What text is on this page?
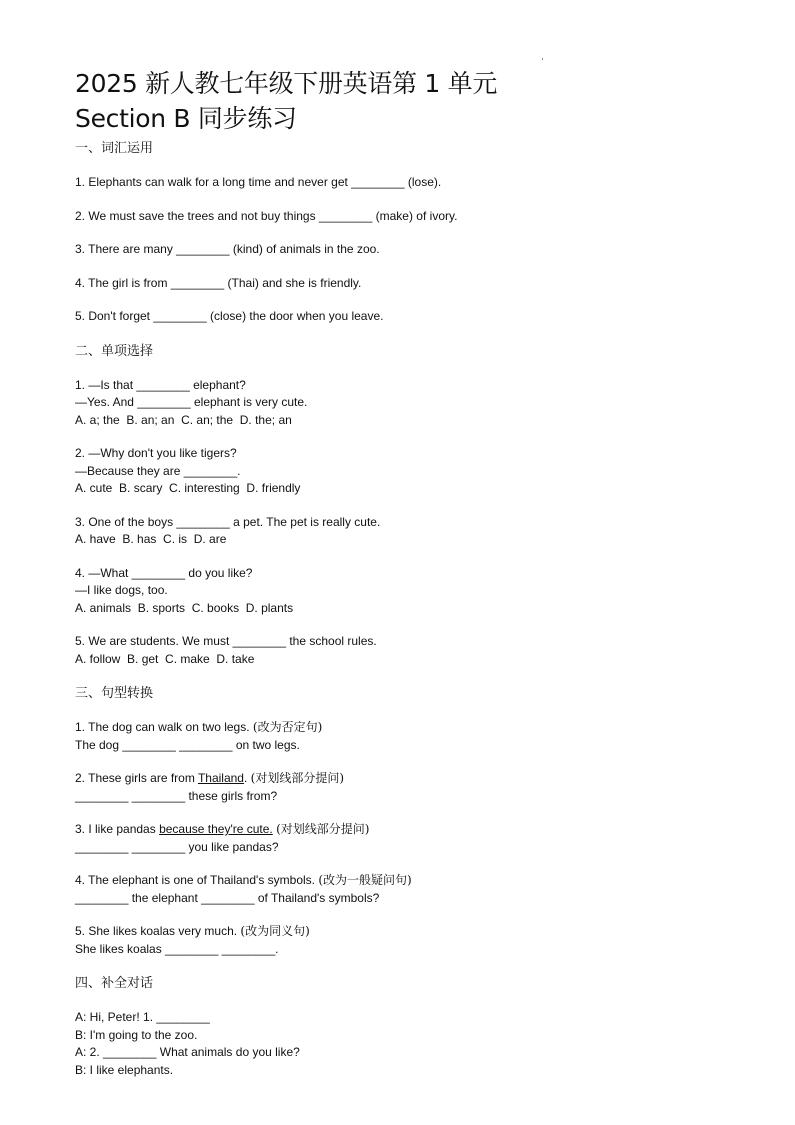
2025 新人教七年级下册英语第 1 单元
Section B 同步练习
一、词汇运用
1. Elephants can walk for a long time and never get ________ (lose).
2. We must save the trees and not buy things ________ (make) of ivory.
3. There are many ________ (kind) of animals in the zoo.
4. The girl is from ________ (Thai) and she is friendly.
5. Don't forget ________ (close) the door when you leave.
二、单项选择
1. —Is that ________ elephant?
—Yes. And ________ elephant is very cute.
A. a; the  B. an; an  C. an; the  D. the; an
2. —Why don't you like tigers?
—Because they are ________.
A. cute  B. scary  C. interesting  D. friendly
3. One of the boys ________ a pet. The pet is really cute.
A. have  B. has  C. is  D. are
4. —What ________ do you like?
—I like dogs, too.
A. animals  B. sports  C. books  D. plants
5. We are students. We must ________ the school rules.
A. follow  B. get  C. make  D. take
三、句型转换
1. The dog can walk on two legs. (改为否定句)
The dog ________ ________ on two legs.
2. These girls are from Thailand. (对划线部分提问)
________ ________ these girls from?
3. I like pandas because they're cute. (对划线部分提问)
________ ________ you like pandas?
4. The elephant is one of Thailand's symbols. (改为一般疑问句)
________ the elephant ________ of Thailand's symbols?
5. She likes koalas very much. (改为同义句)
She likes koalas ________ ________.
四、补全对话
A: Hi, Peter! 1. ________
B: I'm going to the zoo.
A: 2. ________ What animals do you like?
B: I like elephants.
